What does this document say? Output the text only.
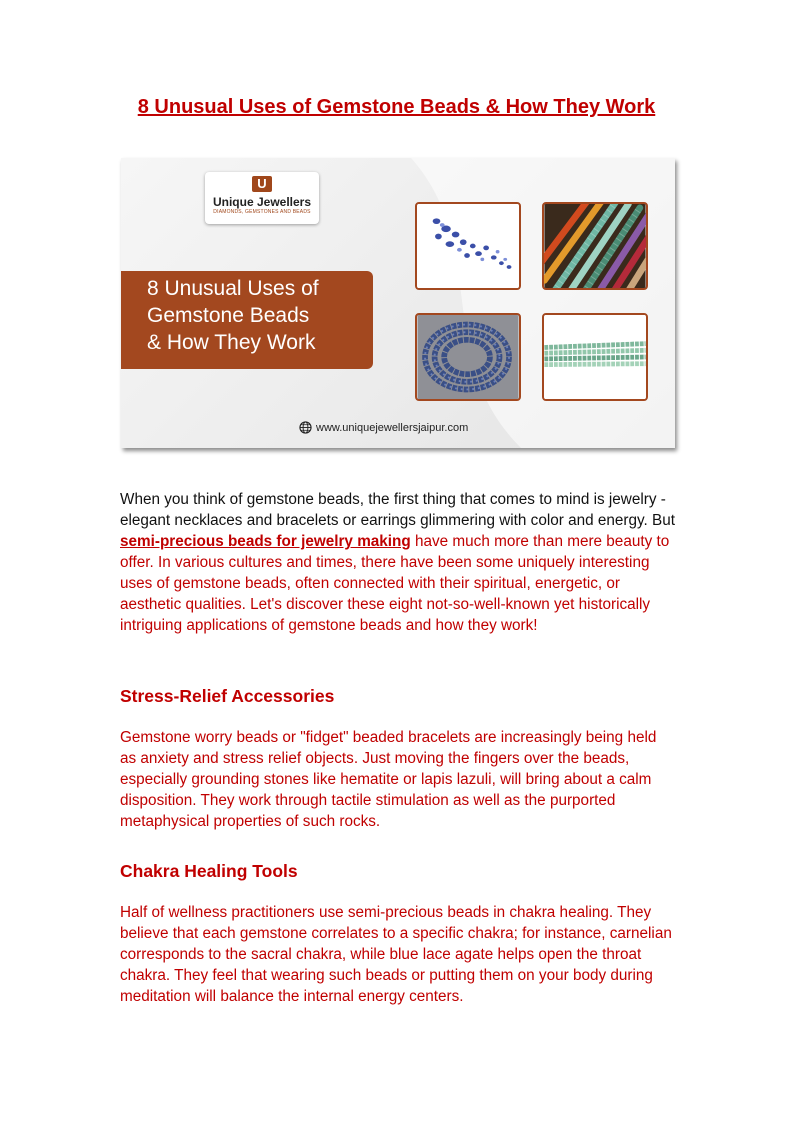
8 Unusual Uses of Gemstone Beads & How They Work
U
Unique Jewellers
DIAMONDS, GEMSTONES AND BEADS
8 Unusual Uses of
Gemstone Beads
& How They Work
www.uniquejewellersjaipur.com

When you think of gemstone beads, the first thing that comes to mind is jewelry - elegant necklaces and bracelets or earrings glimmering with color and energy. But semi-precious beads for jewelry making have much more than mere beauty to offer. In various cultures and times, there have been some uniquely interesting uses of gemstone beads, often connected with their spiritual, energetic, or aesthetic qualities. Let's discover these eight not-so-well-known yet historically intriguing applications of gemstone beads and how they work!

Stress-Relief Accessories

Gemstone worry beads or "fidget" beaded bracelets are increasingly being held as anxiety and stress relief objects. Just moving the fingers over the beads, especially grounding stones like hematite or lapis lazuli, will bring about a calm disposition. They work through tactile stimulation as well as the purported metaphysical properties of such rocks.

Chakra Healing Tools

Half of wellness practitioners use semi-precious beads in chakra healing. They believe that each gemstone correlates to a specific chakra; for instance, carnelian corresponds to the sacral chakra, while blue lace agate helps open the throat chakra. They feel that wearing such beads or putting them on your body during meditation will balance the internal energy centers.
